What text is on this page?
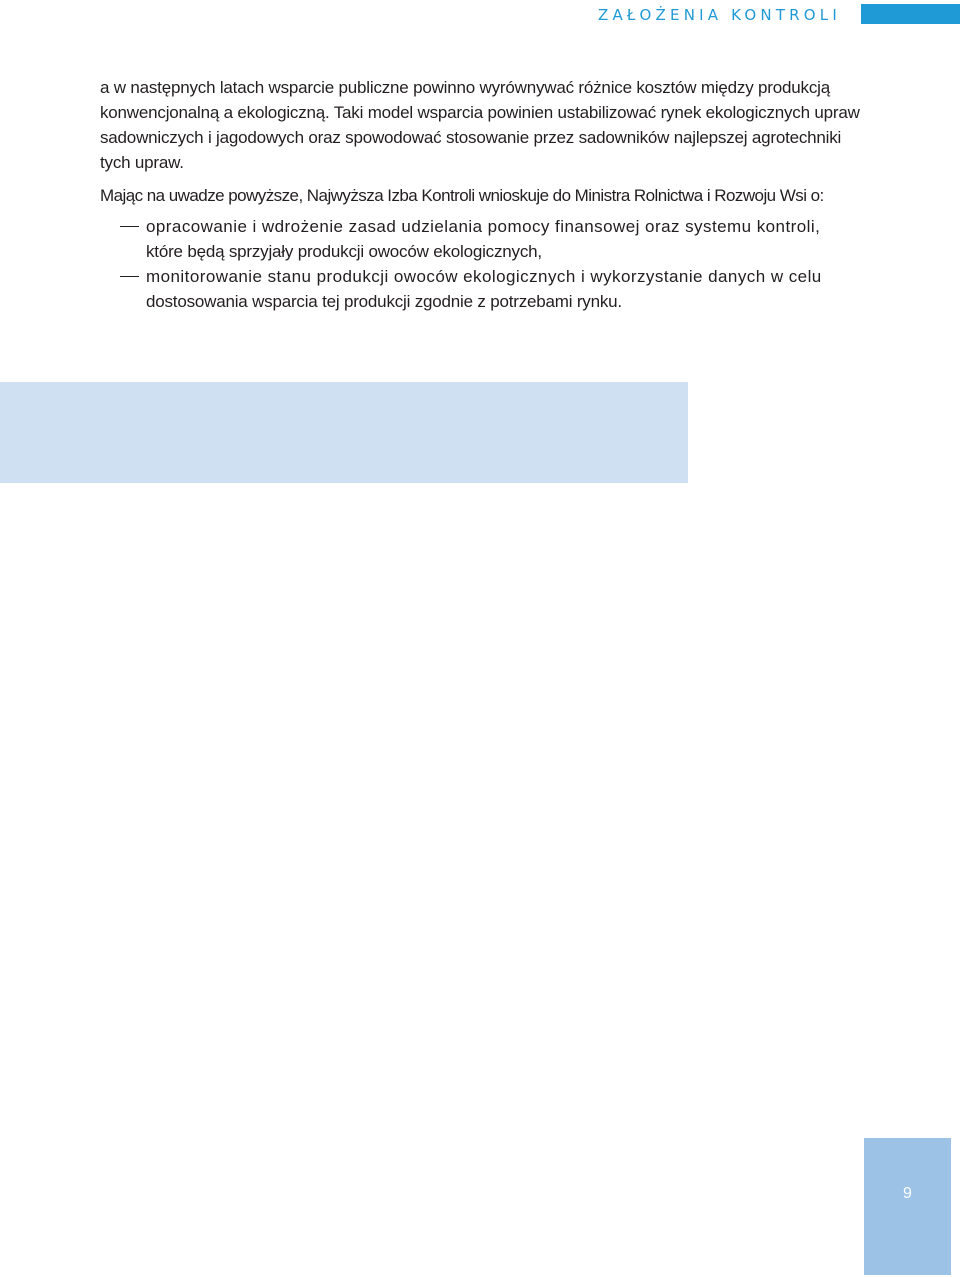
ZAŁOŻENIA KONTROLI

a w następnych latach wsparcie publiczne powinno wyrównywać różnice kosztów między produkcją konwencjonalną a ekologiczną. Taki model wsparcia powinien ustabilizować rynek ekologicznych upraw sadowniczych i jagodowych oraz spowodować stosowanie przez sadowników najlepszej agrotechniki tych upraw.

Mając na uwadze powyższe, Najwyższa Izba Kontroli wnioskuje do Ministra Rolnictwa i Rozwoju Wsi o:

opracowanie i wdrożenie zasad udzielania pomocy finansowej oraz systemu kontroli,
które będą sprzyjały produkcji owoców ekologicznych,
monitorowanie stanu produkcji owoców ekologicznych i wykorzystanie danych w celu
dostosowania wsparcia tej produkcji zgodnie z potrzebami rynku.
9
